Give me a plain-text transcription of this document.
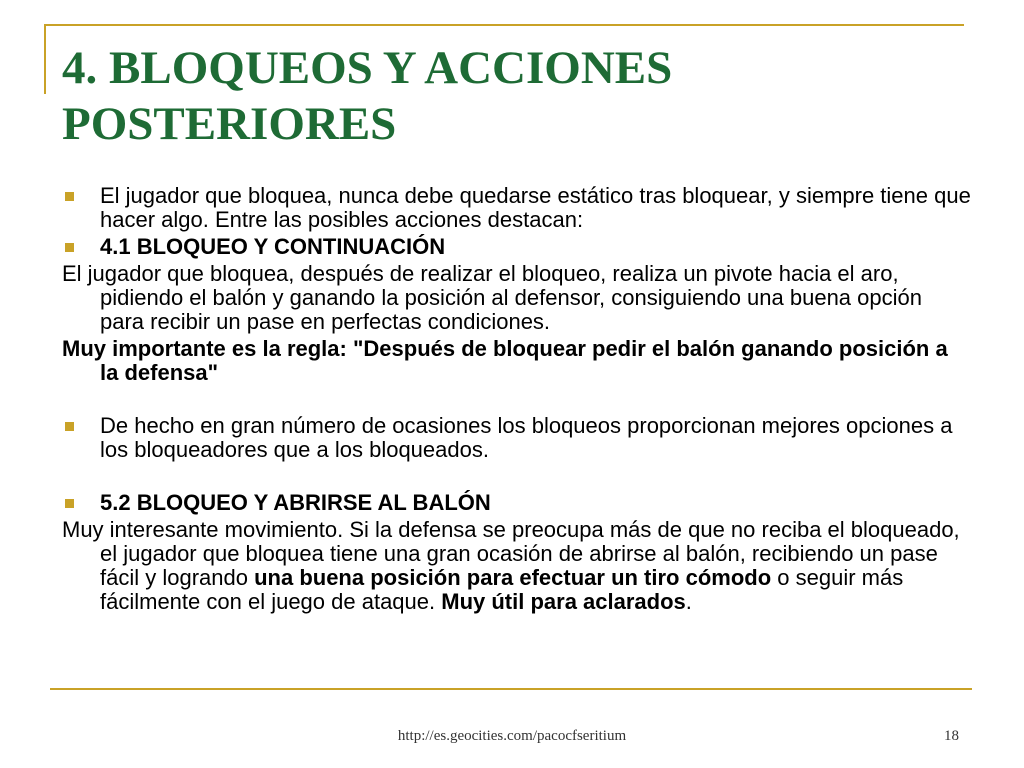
4. BLOQUEOS Y ACCIONES
POSTERIORES
El jugador que bloquea, nunca debe quedarse estático tras bloquear, y siempre tiene que hacer algo. Entre las posibles acciones destacan:
4.1 BLOQUEO Y CONTINUACIÓN
El jugador que bloquea, después de realizar el bloqueo, realiza un pivote hacia el aro, pidiendo el balón y ganando la posición al defensor, consiguiendo una buena opción para recibir un pase en perfectas condiciones.
Muy importante es la regla: "Después de bloquear pedir el balón ganando posición a la defensa"
De hecho en gran número de ocasiones los bloqueos proporcionan mejores opciones a los bloqueadores que a los bloqueados.
5.2 BLOQUEO Y ABRIRSE AL BALÓN
Muy interesante movimiento. Si la defensa se preocupa más de que no reciba el bloqueado, el jugador que bloquea tiene una gran ocasión de abrirse al balón, recibiendo un pase fácil y logrando una buena posición para efectuar un tiro cómodo o seguir más fácilmente con el juego de ataque. Muy útil para aclarados.
http://es.geocities.com/pacocfseritium	18
